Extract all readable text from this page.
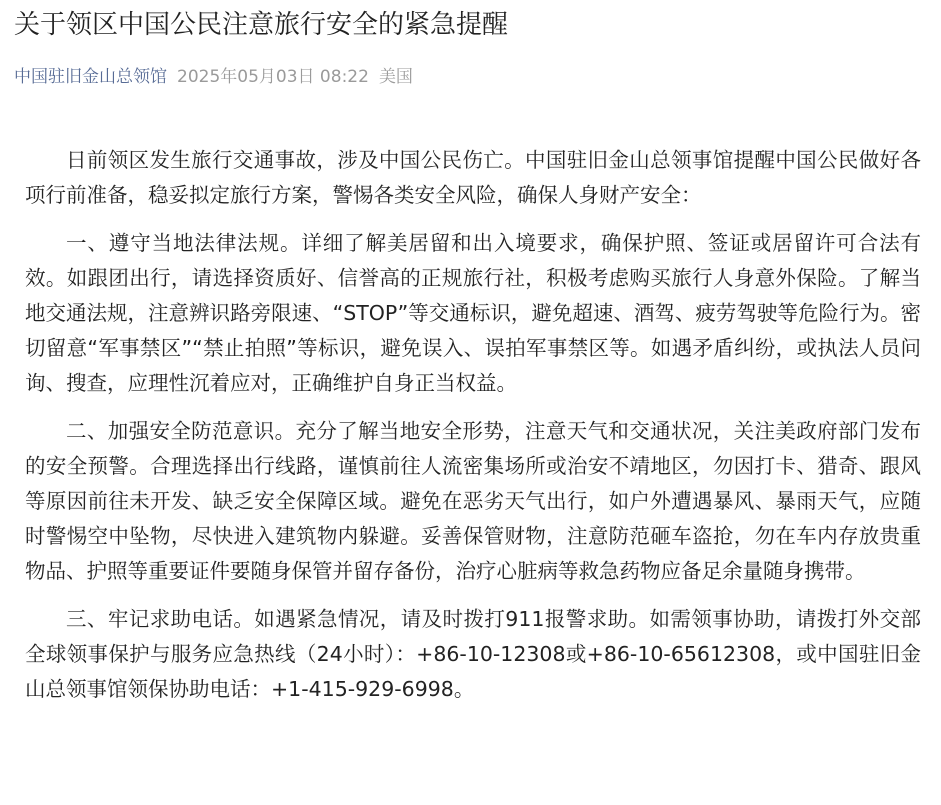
关于领区中国公民注意旅行安全的紧急提醒
中国驻旧金山总领馆 2025年05月03日 08:22 美国

日前领区发生旅行交通事故，涉及中国公民伤亡。中国驻旧金山总领事馆提醒中国公民做好各项行前准备，稳妥拟定旅行方案，警惕各类安全风险，确保人身财产安全：

一、遵守当地法律法规。详细了解美居留和出入境要求，确保护照、签证或居留许可合法有效。如跟团出行，请选择资质好、信誉高的正规旅行社，积极考虑购买旅行人身意外保险。了解当地交通法规，注意辨识路旁限速、“STOP”等交通标识，避免超速、酒驾、疲劳驾驶等危险行为。密切留意“军事禁区”“禁止拍照”等标识，避免误入、误拍军事禁区等。如遇矛盾纠纷，或执法人员问询、搜查，应理性沉着应对，正确维护自身正当权益。

二、加强安全防范意识。充分了解当地安全形势，注意天气和交通状况，关注美政府部门发布的安全预警。合理选择出行线路，谨慎前往人流密集场所或治安不靖地区，勿因打卡、猎奇、跟风等原因前往未开发、缺乏安全保障区域。避免在恶劣天气出行，如户外遭遇暴风、暴雨天气，应随时警惕空中坠物，尽快进入建筑物内躲避。妥善保管财物，注意防范砸车盗抢，勿在车内存放贵重物品、护照等重要证件要随身保管并留存备份，治疗心脏病等救急药物应备足余量随身携带。

三、牢记求助电话。如遇紧急情况，请及时拨打911报警求助。如需领事协助，请拨打外交部全球领事保护与服务应急热线（24小时）：+86-10-12308或+86-10-65612308，或中国驻旧金山总领事馆领保协助电话：+1-415-929-6998。
